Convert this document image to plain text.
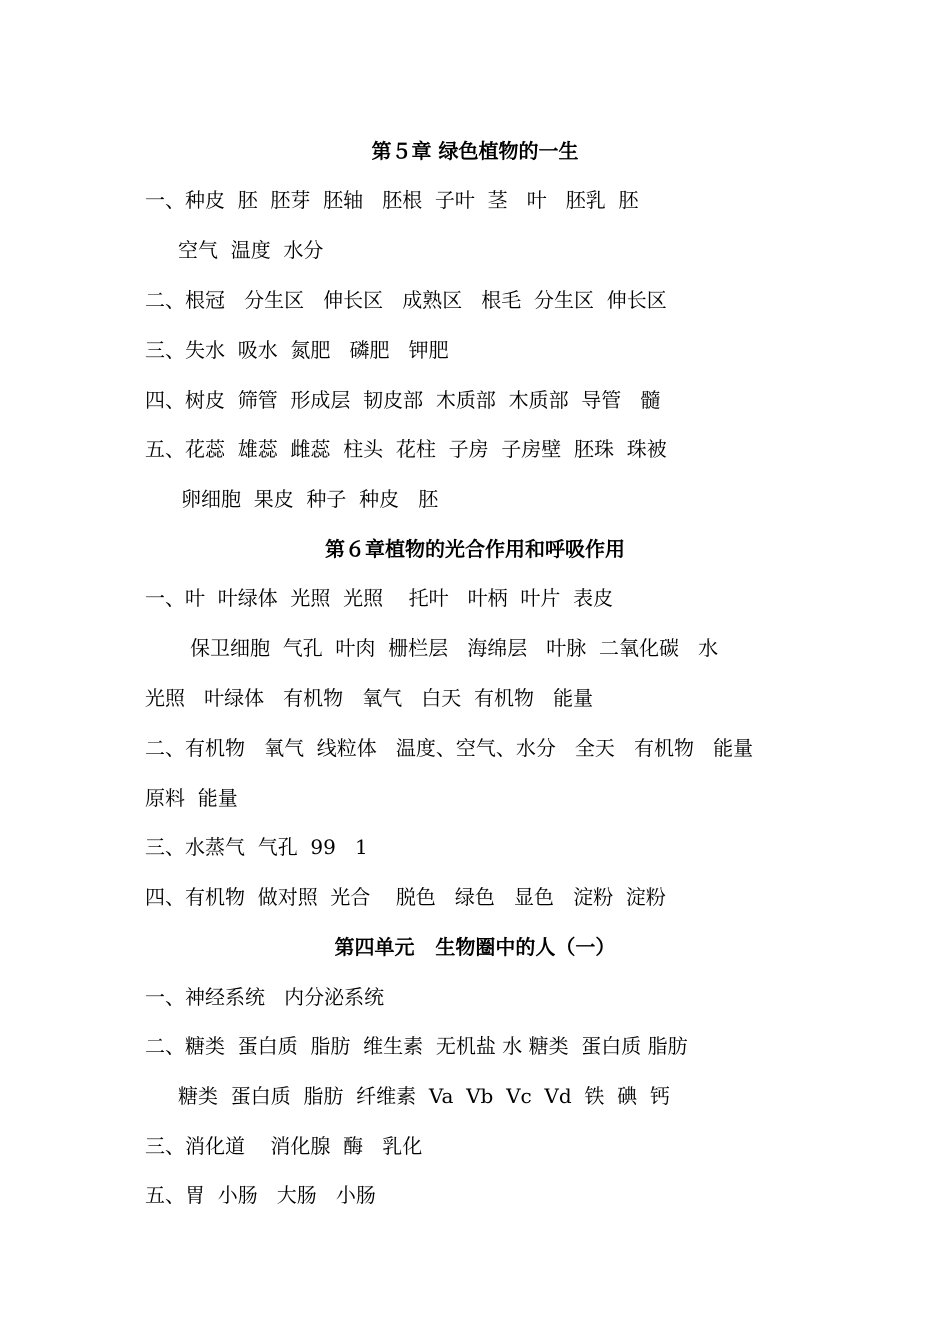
第５章 绿色植物的一生
一、种皮  胚  胚芽  胚轴   胚根  子叶  茎   叶   胚乳  胚
空气  温度  水分
二、根冠   分生区   伸长区   成熟区   根毛  分生区  伸长区
三、失水  吸水  氮肥   磷肥   钾肥
四、树皮  筛管  形成层  韧皮部  木质部  木质部  导管   髓
五、花蕊  雄蕊  雌蕊  柱头  花柱  子房  子房壁  胚珠  珠被
卵细胞  果皮  种子  种皮   胚
第６章植物的光合作用和呼吸作用
一、叶  叶绿体  光照  光照    托叶   叶柄  叶片  表皮
保卫细胞  气孔  叶肉  栅栏层   海绵层   叶脉  二氧化碳   水
光照   叶绿体   有机物   氧气   白天  有机物   能量
二、有机物   氧气  线粒体   温度、空气、水分   全天   有机物   能量
原料  能量
三、水蒸气  气孔  99   1
四、有机物  做对照  光合    脱色   绿色   显色   淀粉  淀粉
第四单元   生物圈中的人（一）
一、神经系统   内分泌系统
二、糖类  蛋白质  脂肪  维生素  无机盐 水 糖类  蛋白质 脂肪
糖类  蛋白质  脂肪  纤维素  Va  Vb  Vc  Vd  铁  碘  钙
三、消化道    消化腺  酶   乳化
五、胃  小肠   大肠   小肠
